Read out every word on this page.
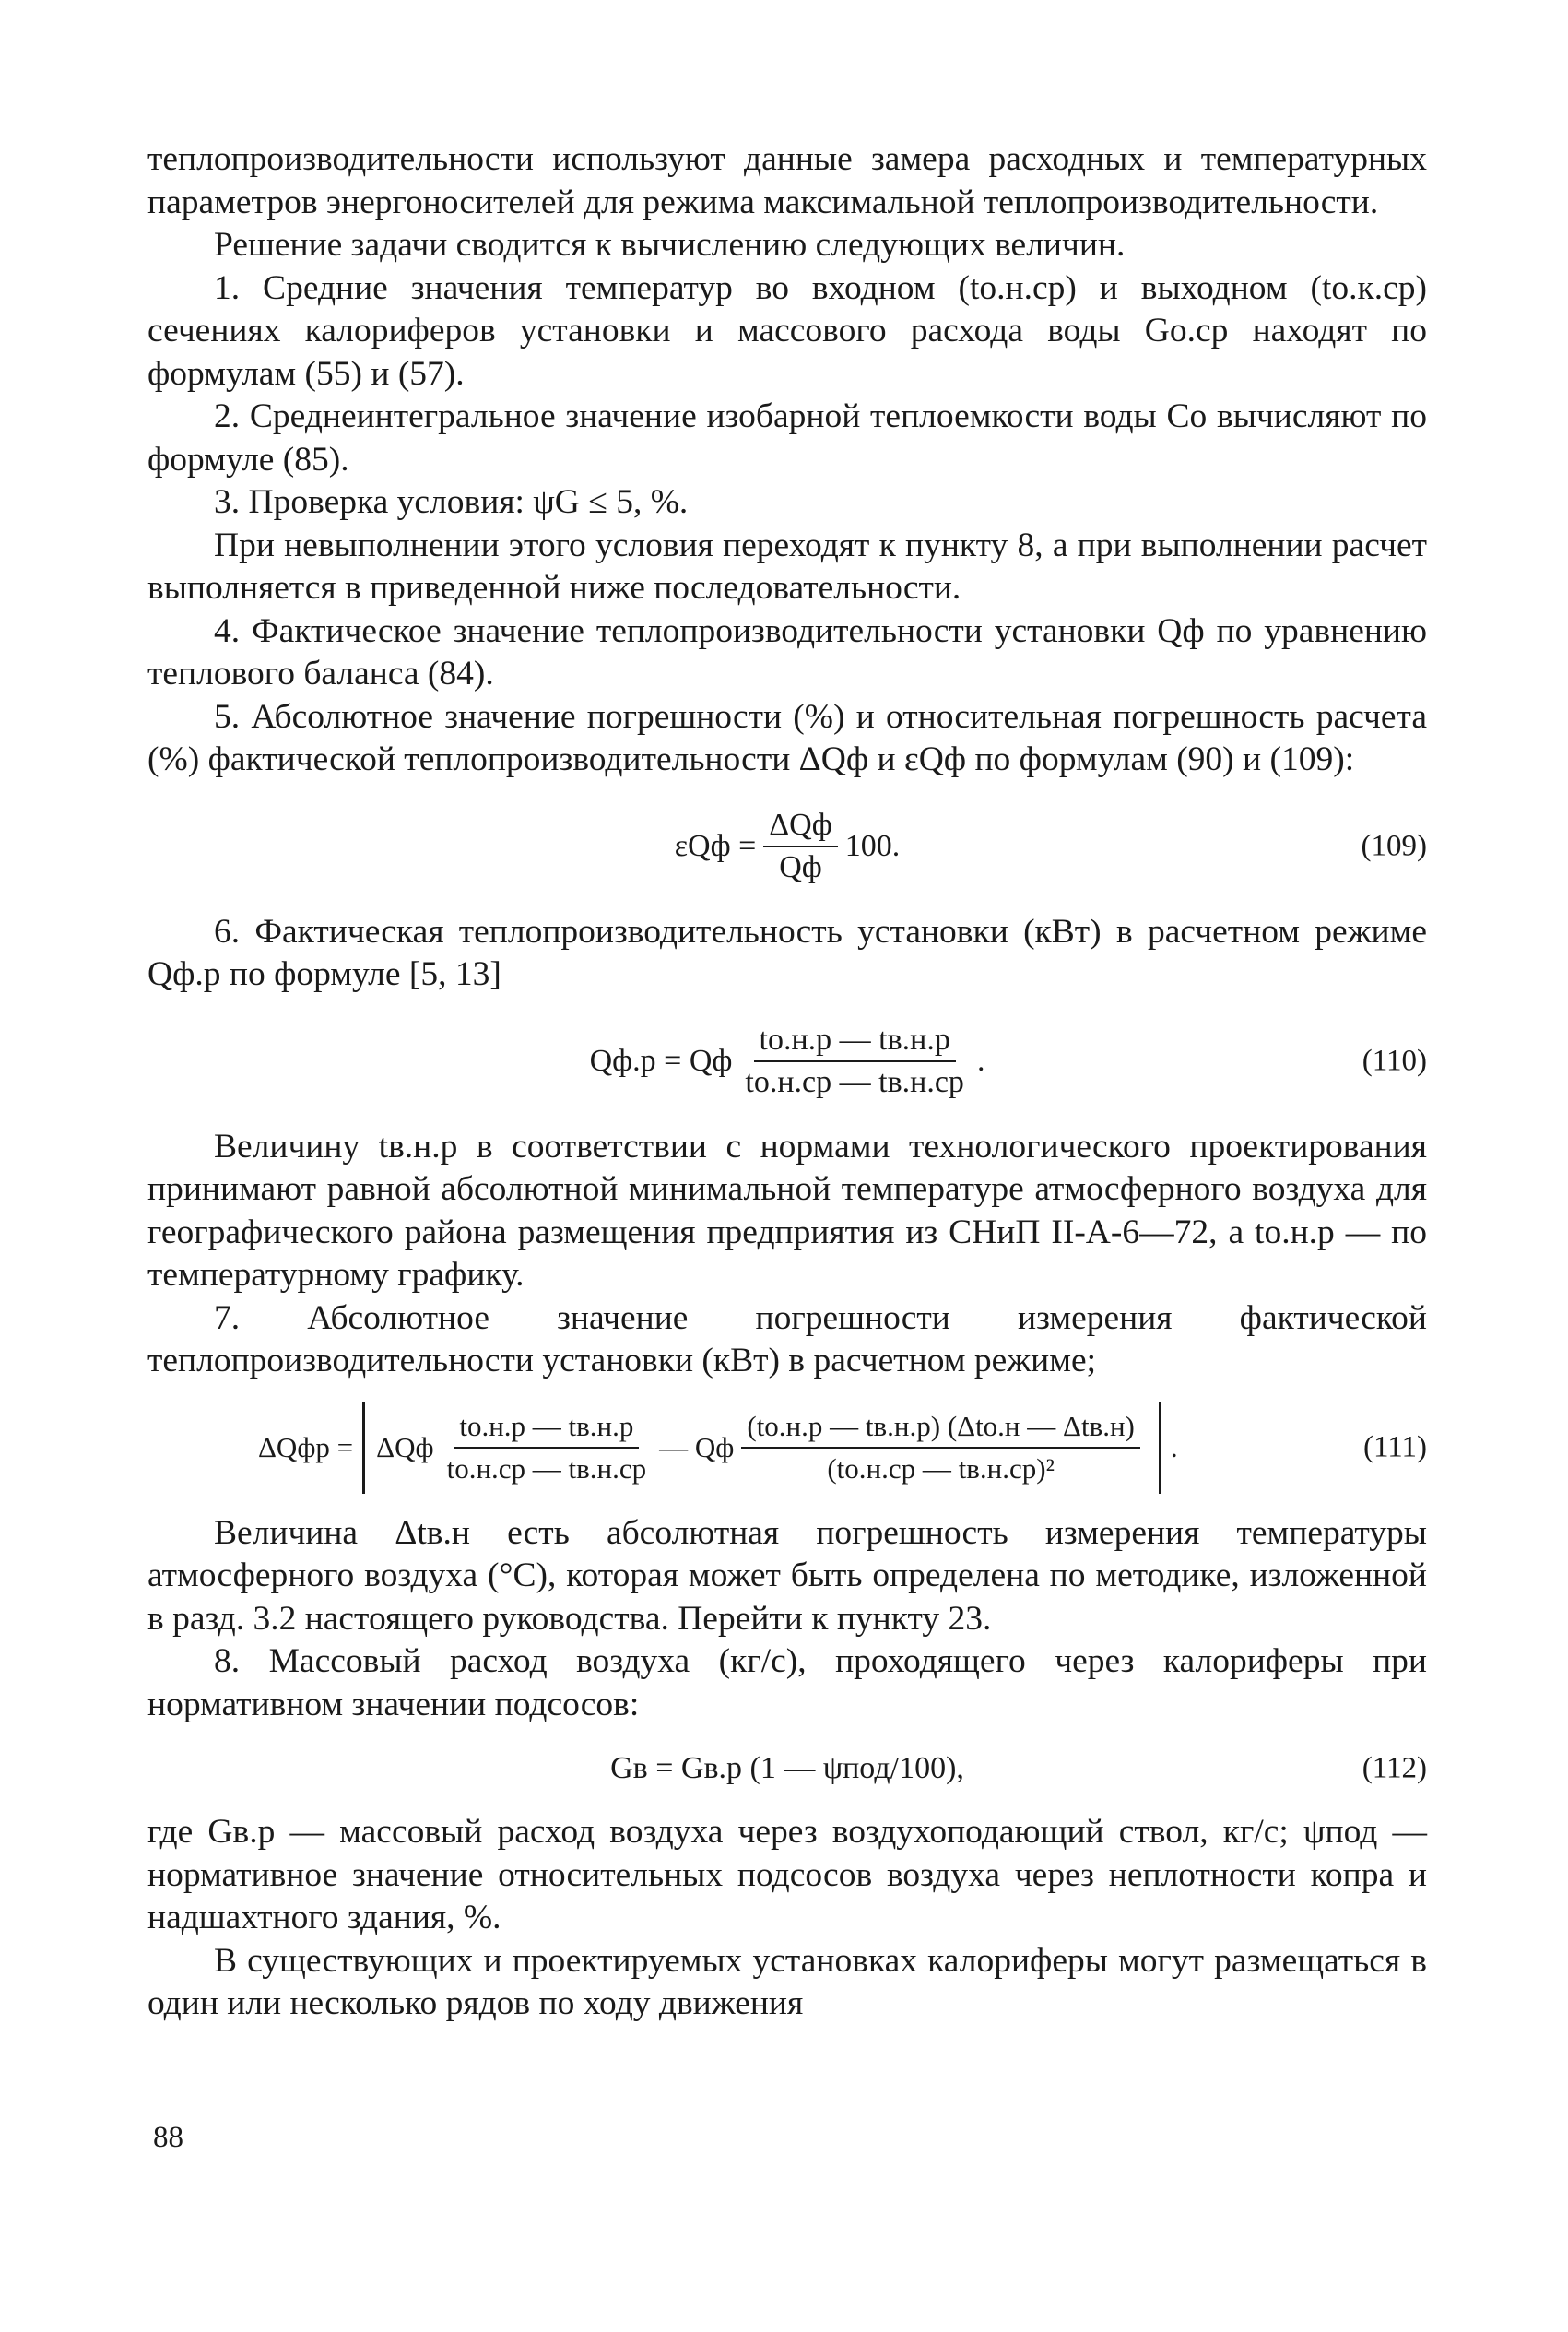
теплопроизводительности используют данные замера расходных и температурных параметров энергоносителей для режима максимальной теплопроизводительности.

Решение задачи сводится к вычислению следующих величин.

1. Средние значения температур во входном (tо.н.ср) и выходном (tо.к.ср) сечениях калориферов установки и массового расхода воды Gо.ср находят по формулам (55) и (57).

2. Среднеинтегральное значение изобарной теплоемкости воды Cо вычисляют по формуле (85).

3. Проверка условия: ψG ≤ 5, %.

При невыполнении этого условия переходят к пункту 8, а при выполнении расчет выполняется в приведенной ниже последовательности.

4. Фактическое значение теплопроизводительности установки Qф по уравнению теплового баланса (84).

5. Абсолютное значение погрешности (%) и относительная погрешность расчета (%) фактической теплопроизводительности ΔQф и εQф по формулам (90) и (109):

$\varepsilon Qф = \frac{\text{ΔQф}}{Qф} 100$.	(109)

6. Фактическая теплопроизводительность установки (кВт) в расчетном режиме Qф.р по формуле [5, 13]

Qф.р = Qф $\frac{tо.н.р — tв.н.р}{tо.н.ср — tв.н.ср}$ .	(110)

Величину tв.н.р в соответствии с нормами технологического проектирования принимают равной абсолютной минимальной температуре атмосферного воздуха для географического района размещения предприятия из СНиП II-А-6—72, а tо.н.р — по температурному графику.

7. Абсолютное значение погрешности измерения фактической теплопроизводительности установки (кВт) в расчетном режиме;

ΔQфр = ΔQф $\frac{tо.н.р — tв.н.р}{tо.н.ср — tв.н.ср}$ — Qф $\frac{\text{(tо.н.р — tв.н.р) (Δtо.н — Δtв.н)}}{\text{(tо.н.ср — tв.н.ср)²}}$ .	(111)

Величина Δtв.н есть абсолютная погрешность измерения температуры атмосферного воздуха (°С), которая может быть определена по методике, изложенной в разд. 3.2 настоящего руководства. Перейти к пункту 23.

8. Массовый расход воздуха (кг/с), проходящего через калориферы при нормативном значении подсосов:

Gв = Gв.р (1 — ψпод/100),	(112)

где Gв.р — массовый расход воздуха через воздухоподающий ствол, кг/с; ψпод — нормативное значение относительных подсосов воздуха через неплотности копра и надшахтного здания, %.

В существующих и проектируемых установках калориферы могут размещаться в один или несколько рядов по ходу движения

88
